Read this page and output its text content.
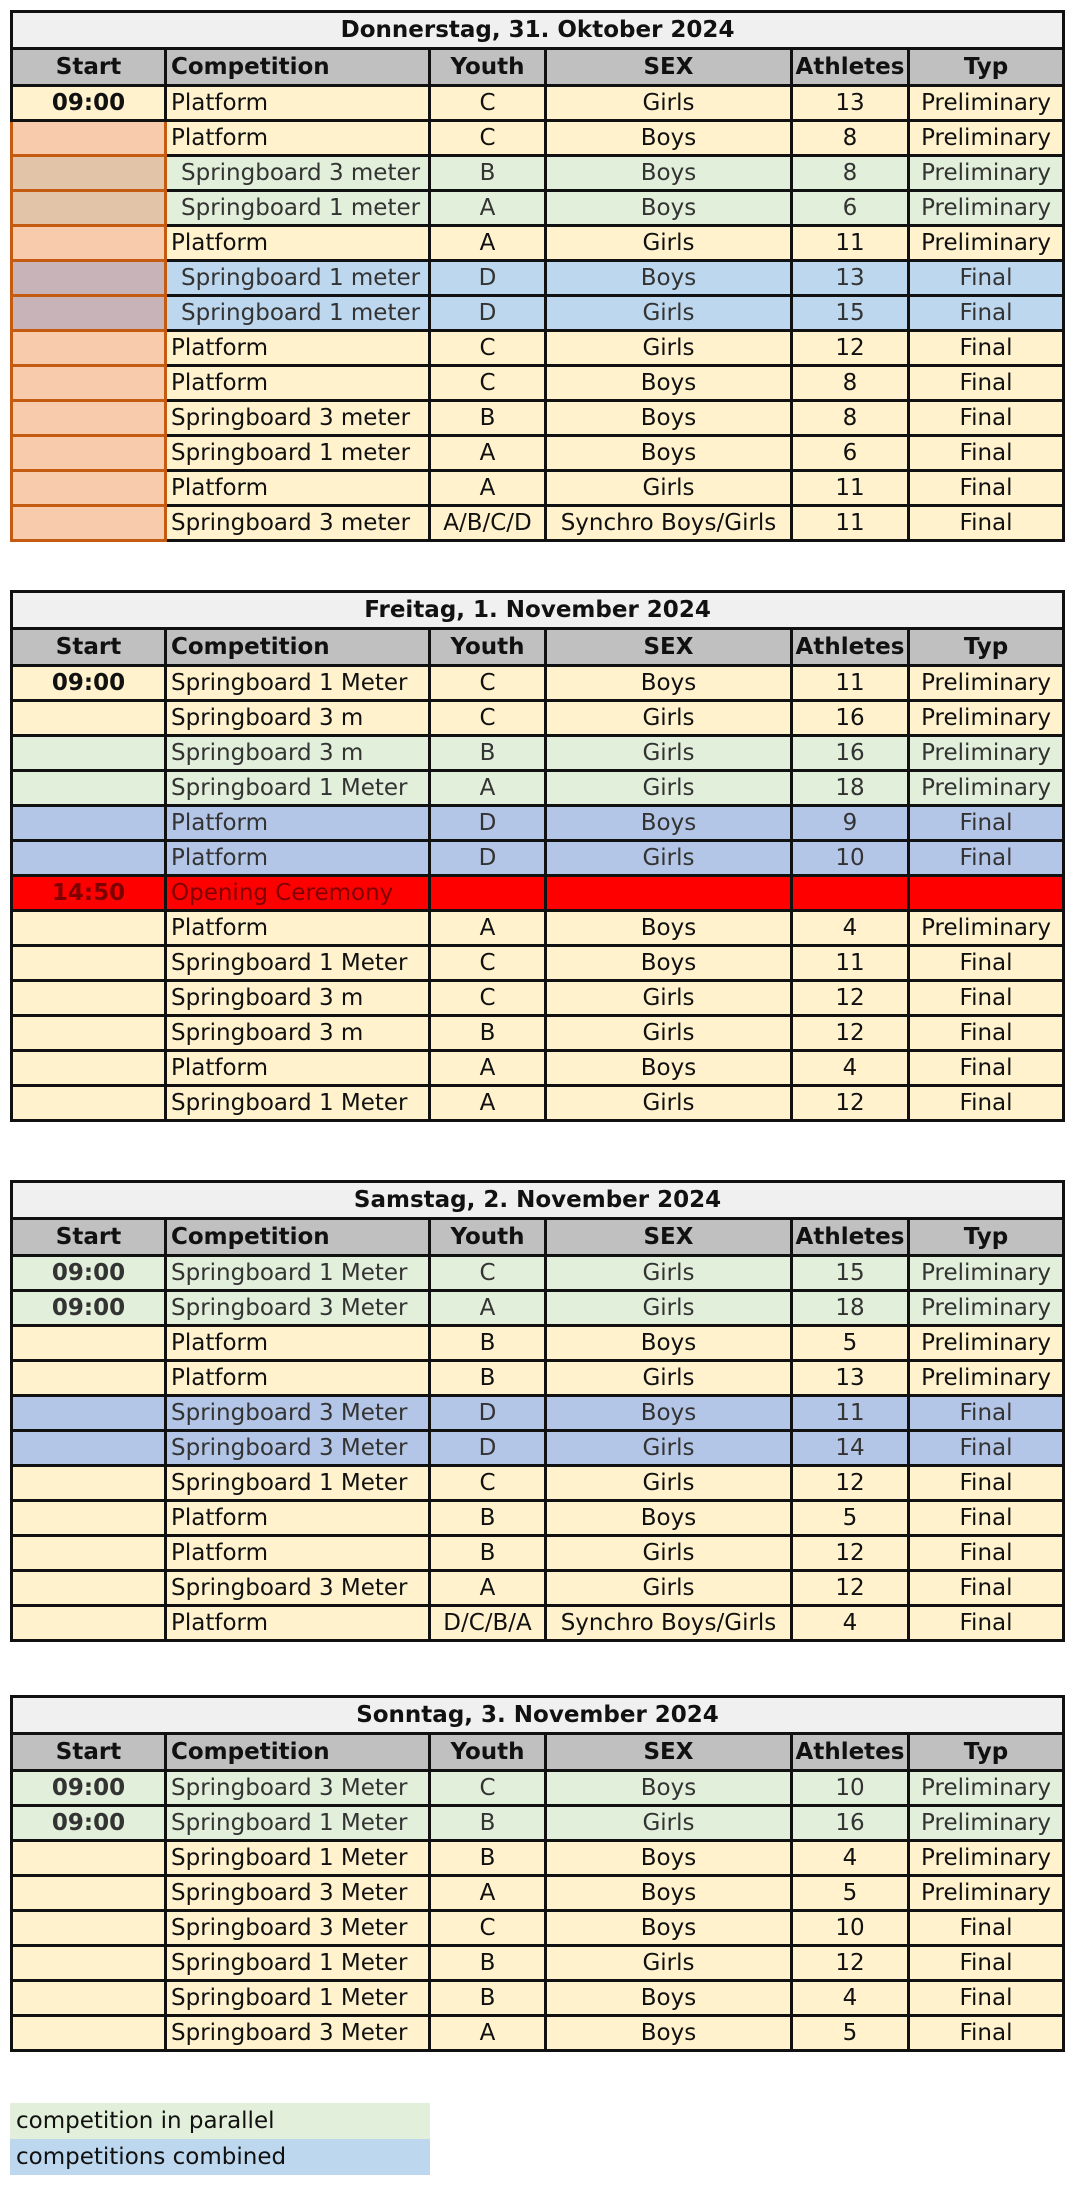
Donnerstag, 31. Oktober 2024					
Start	Competition	Youth	SEX	Athletes	Typ
09:00	Platform	C	Girls	13	Preliminary
	Platform	C	Boys	8	Preliminary
	Springboard 3 meter	B	Boys	8	Preliminary
	Springboard 1 meter	A	Boys	6	Preliminary
	Platform	A	Girls	11	Preliminary
	Springboard 1 meter	D	Boys	13	Final
	Springboard 1 meter	D	Girls	15	Final
	Platform	C	Girls	12	Final
	Platform	C	Boys	8	Final
	Springboard 3 meter	B	Boys	8	Final
	Springboard 1 meter	A	Boys	6	Final
	Platform	A	Girls	11	Final
	Springboard 3 meter	A/B/C/D	Synchro Boys/Girls	11	Final
Freitag, 1. November 2024					
Start	Competition	Youth	SEX	Athletes	Typ
09:00	Springboard 1 Meter	C	Boys	11	Preliminary
	Springboard 3 m	C	Girls	16	Preliminary
	Springboard 3 m	B	Girls	16	Preliminary
	Springboard 1 Meter	A	Girls	18	Preliminary
	Platform	D	Boys	9	Final
	Platform	D	Girls	10	Final
14:50	Opening Ceremony				
	Platform	A	Boys	4	Preliminary
	Springboard 1 Meter	C	Boys	11	Final
	Springboard 3 m	C	Girls	12	Final
	Springboard 3 m	B	Girls	12	Final
	Platform	A	Boys	4	Final
	Springboard 1 Meter	A	Girls	12	Final
Samstag, 2. November 2024					
Start	Competition	Youth	SEX	Athletes	Typ
09:00	Springboard 1 Meter	C	Girls	15	Preliminary
09:00	Springboard 3 Meter	A	Girls	18	Preliminary
	Platform	B	Boys	5	Preliminary
	Platform	B	Girls	13	Preliminary
	Springboard 3 Meter	D	Boys	11	Final
	Springboard 3 Meter	D	Girls	14	Final
	Springboard 1 Meter	C	Girls	12	Final
	Platform	B	Boys	5	Final
	Platform	B	Girls	12	Final
	Springboard 3 Meter	A	Girls	12	Final
	Platform	D/C/B/A	Synchro Boys/Girls	4	Final
Sonntag, 3. November 2024					
Start	Competition	Youth	SEX	Athletes	Typ
09:00	Springboard 3 Meter	C	Boys	10	Preliminary
09:00	Springboard 1 Meter	B	Girls	16	Preliminary
	Springboard 1 Meter	B	Boys	4	Preliminary
	Springboard 3 Meter	A	Boys	5	Preliminary
	Springboard 3 Meter	C	Boys	10	Final
	Springboard 1 Meter	B	Girls	12	Final
	Springboard 1 Meter	B	Boys	4	Final
	Springboard 3 Meter	A	Boys	5	Final
competition in parallel
competitions combined
